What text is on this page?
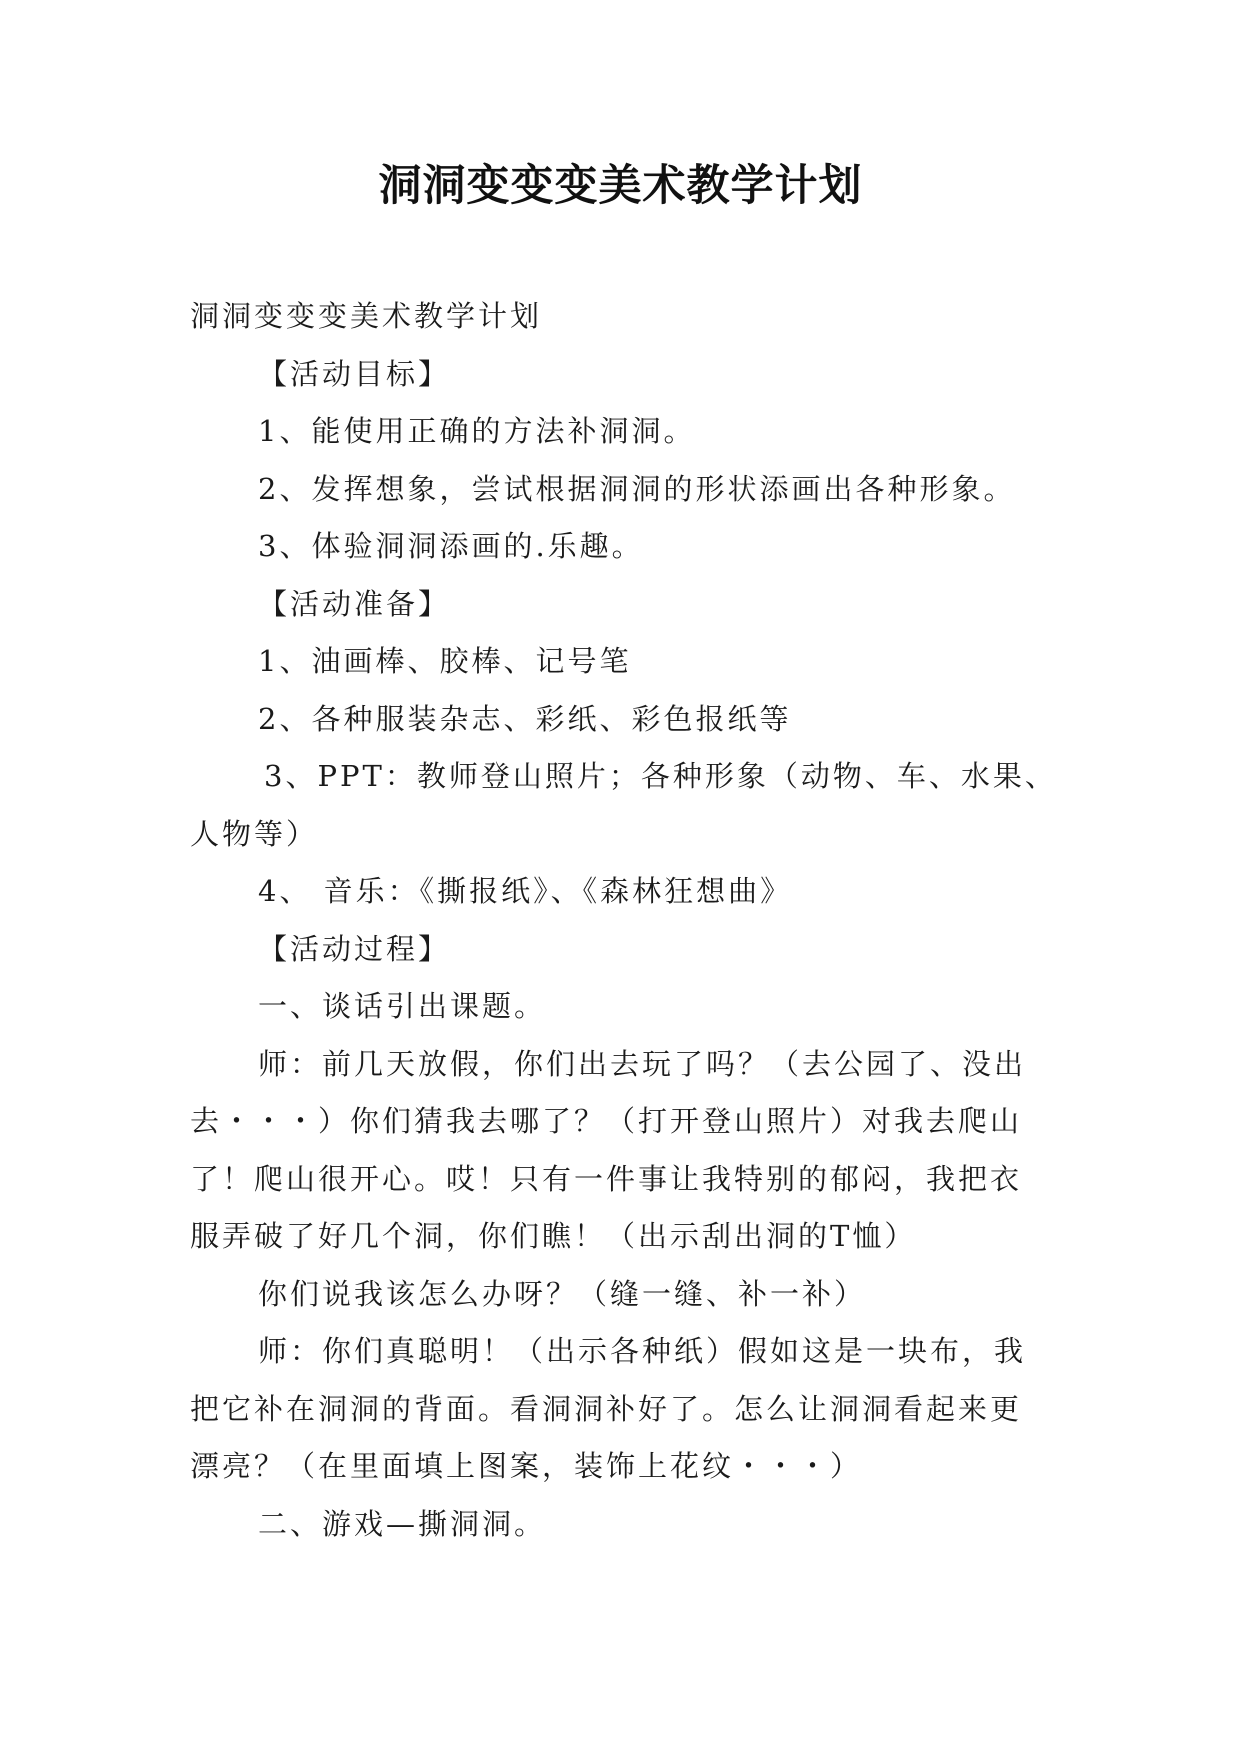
洞洞变变变美术教学计划
洞洞变变变美术教学计划
【活动目标】
1、能使用正确的方法补洞洞。
2、发挥想象，尝试根据洞洞的形状添画出各种形象。
3、体验洞洞添画的.乐趣。
【活动准备】
1、油画棒、胶棒、记号笔
2、各种服装杂志、彩纸、彩色报纸等
3、PPT：教师登山照片；各种形象（动物、车、水果、
人物等）
4、 音乐：《撕报纸》、《森林狂想曲》
【活动过程】
一、谈话引出课题。
师：前几天放假，你们出去玩了吗？（去公园了、没出去・・・）你们猜我去哪了？（打开登山照片）对我去爬山了！爬山很开心。哎！只有一件事让我特别的郁闷，我把衣服弄破了好几个洞，你们瞧！（出示刮出洞的T恤）
你们说我该怎么办呀？（缝一缝、补一补）
师：你们真聪明！（出示各种纸）假如这是一块布，我把它补在洞洞的背面。看洞洞补好了。怎么让洞洞看起来更漂亮？（在里面填上图案，装饰上花纹・・・）
二、游戏—撕洞洞。
